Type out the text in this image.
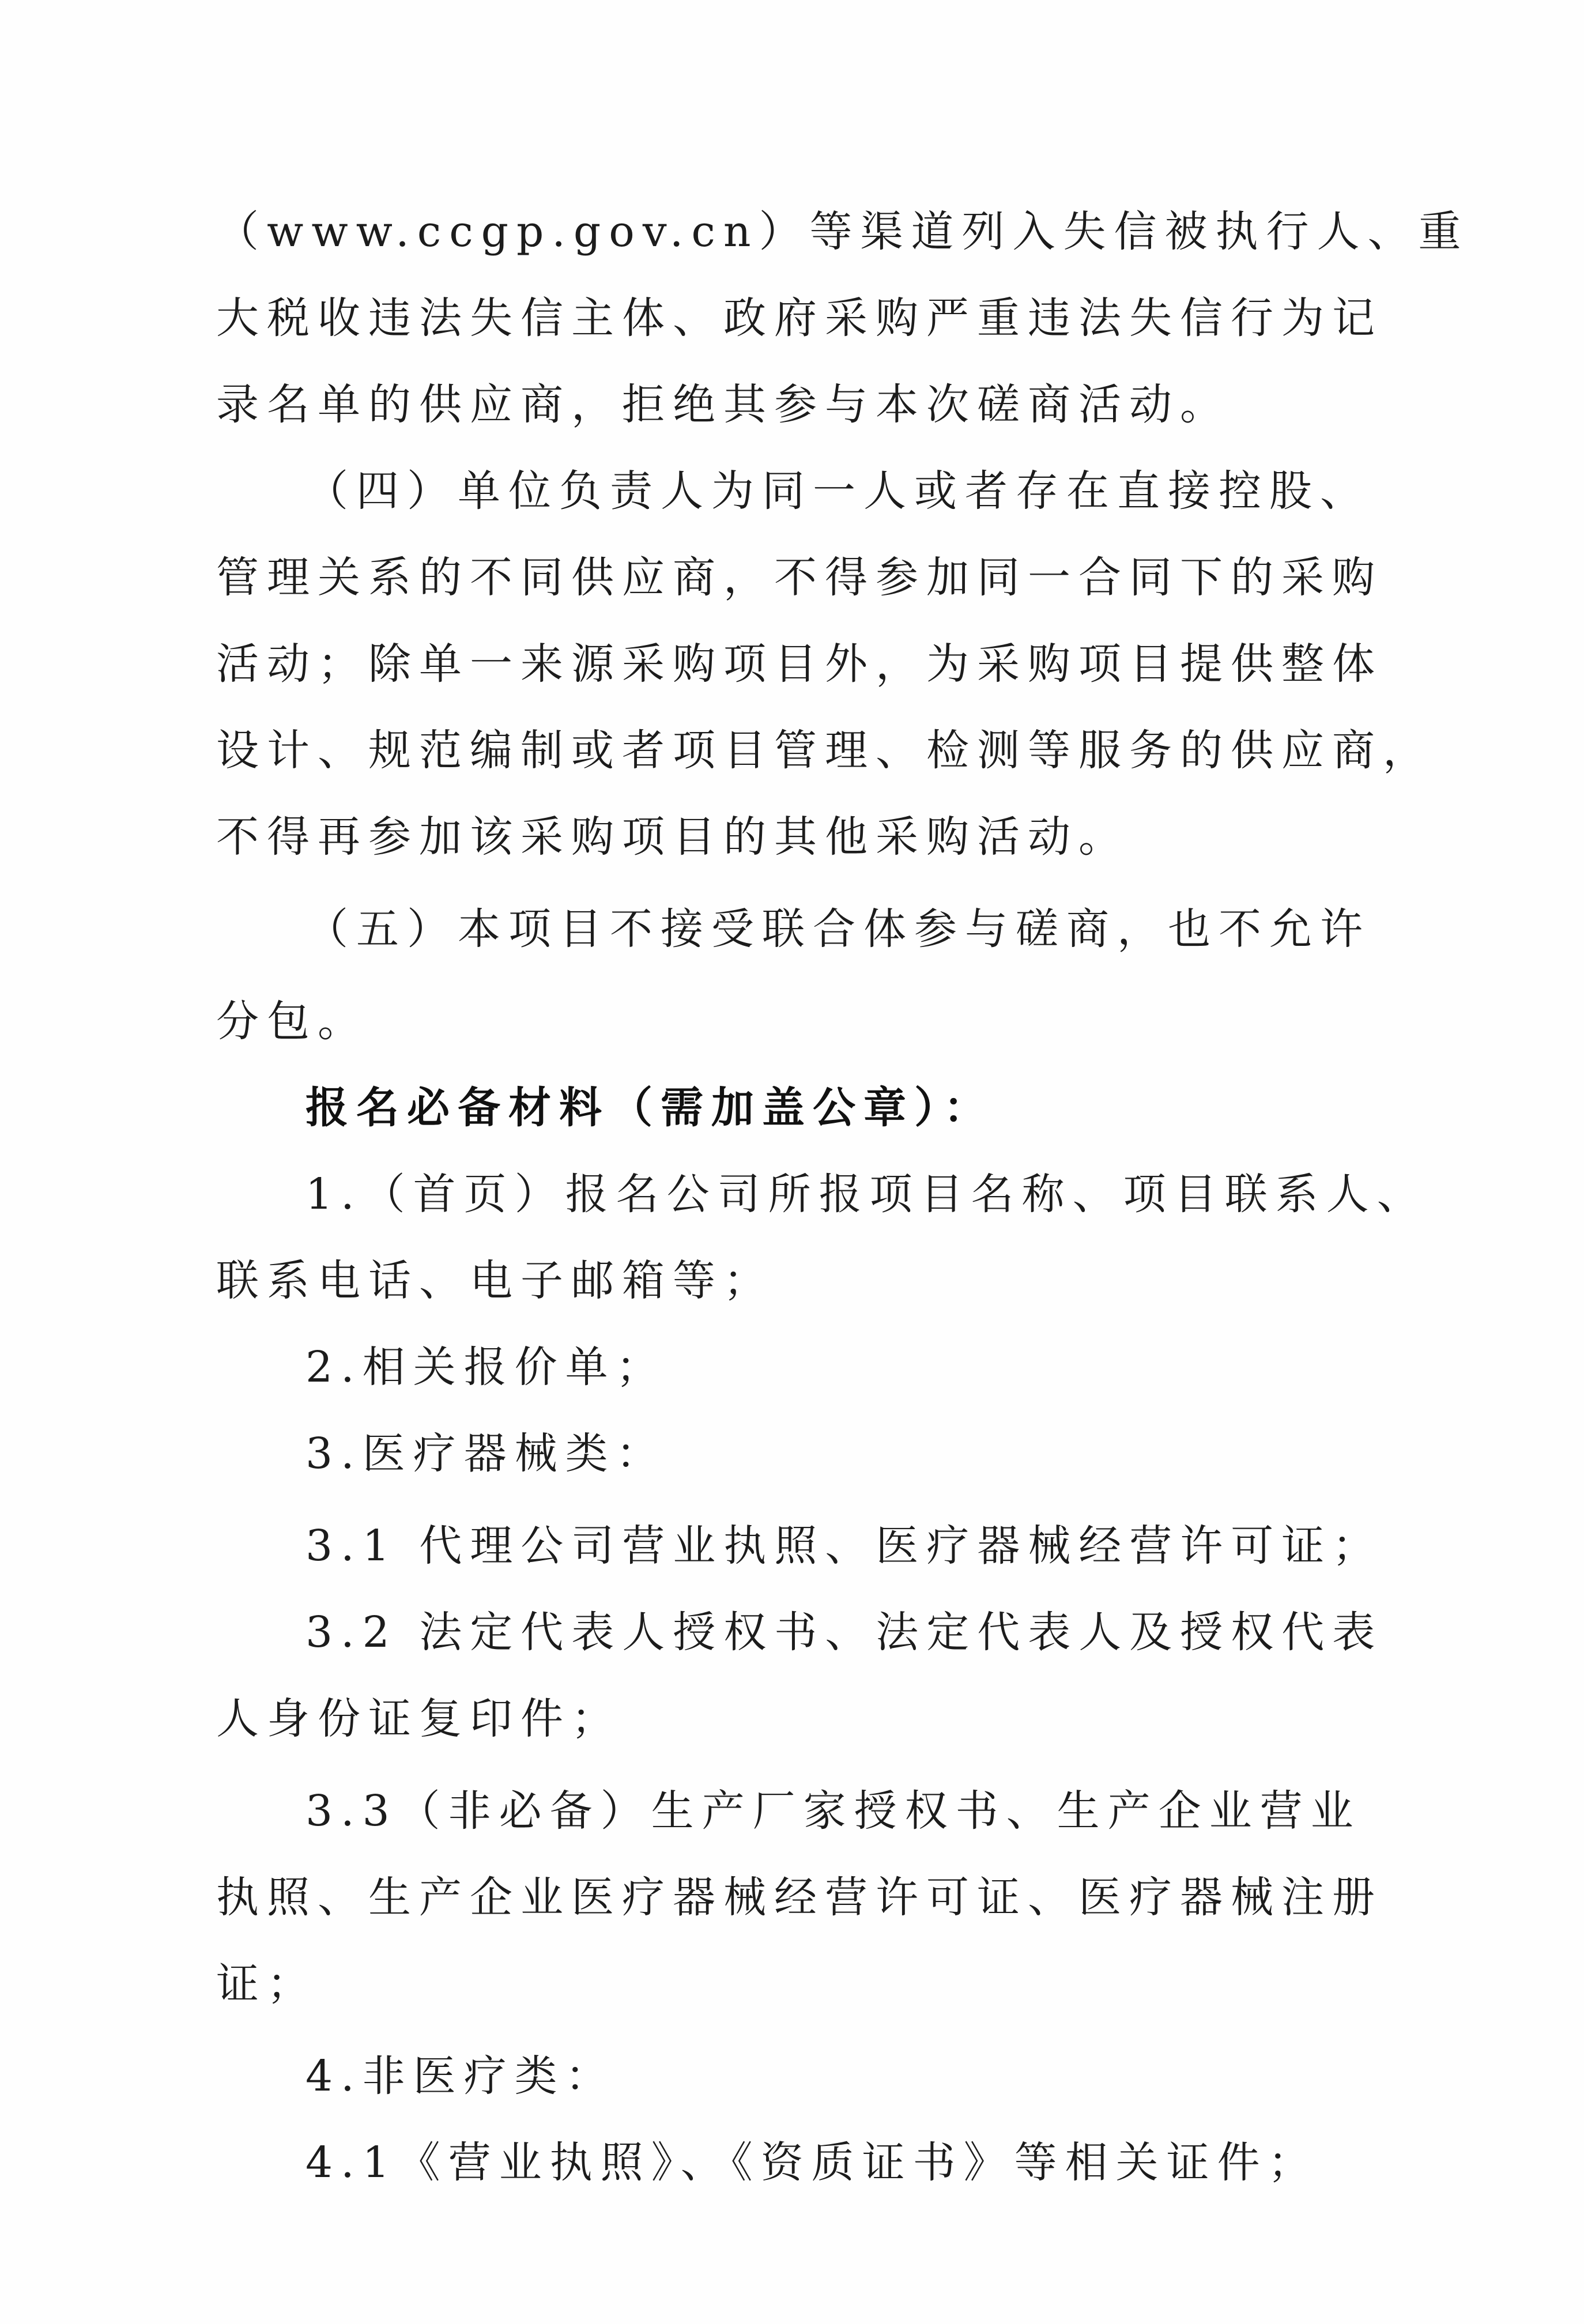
（www.ccgp.gov.cn）等渠道列入失信被执行人、重
大税收违法失信主体、政府采购严重违法失信行为记
录名单的供应商，拒绝其参与本次磋商活动。
（四）单位负责人为同一人或者存在直接控股、
管理关系的不同供应商，不得参加同一合同下的采购
活动；除单一来源采购项目外，为采购项目提供整体
设计、规范编制或者项目管理、检测等服务的供应商，
不得再参加该采购项目的其他采购活动。
（五）本项目不接受联合体参与磋商，也不允许
分包。
报名必备材料（需加盖公章）：
1.（首页）报名公司所报项目名称、项目联系人、
联系电话、电子邮箱等；
2.相关报价单；
3.医疗器械类：
3.1 代理公司营业执照、医疗器械经营许可证；
3.2 法定代表人授权书、法定代表人及授权代表
人身份证复印件；
3.3（非必备）生产厂家授权书、生产企业营业
执照、生产企业医疗器械经营许可证、医疗器械注册
证；
4.非医疗类：
4.1《营业执照》、《资质证书》等相关证件；
